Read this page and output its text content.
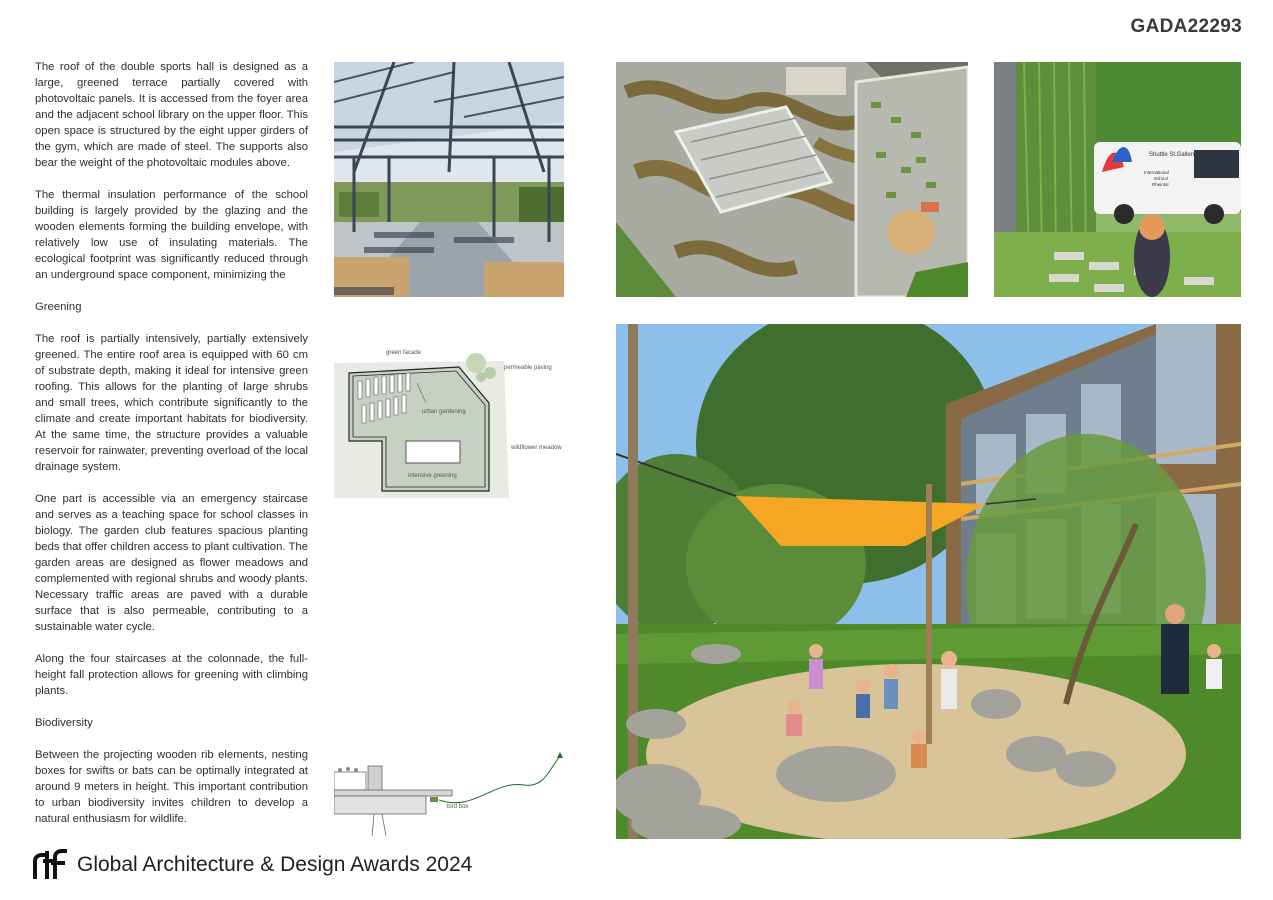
GADA22293

The roof of the double sports hall is designed as a large, greened terrace partially covered with photovoltaic panels. It is accessed from the foyer area and the adjacent school library on the upper floor. This open space is structured by the eight upper girders of the gym, which are made of steel. The supports also bear the weight of the photovoltaic modules above.

The thermal insulation performance of the school building is largely provided by the glazing and the wooden elements forming the building envelope, with relatively low use of insulating materials. The ecological footprint was significantly reduced through an underground space component, minimizing the

Greening

The roof is partially intensively, partially extensively greened. The entire roof area is equipped with 60 cm of substrate depth, making it ideal for intensive green roofing. This allows for the planting of large shrubs and small trees, which contribute significantly to the climate and create important habitats for biodiversity. At the same time, the structure provides a valuable reservoir for rainwater, preventing overload of the local drainage system.

One part is accessible via an emergency staircase and serves as a teaching space for school classes in biology. The garden club features spacious planting beds that offer children access to plant cultivation. The garden areas are designed as flower meadows and complemented with regional shrubs and woody plants. Necessary traffic areas are paved with a durable surface that is also permeable, contributing to a sustainable water cycle.

Along the four staircases at the colonnade, the full-height fall protection allows for greening with climbing plants.

Biodiversity

Between the projecting wooden rib elements, nesting boxes for swifts or bats can be optimally integrated at around 9 meters in height. This important contribution to urban biodiversity invites children to develop a natural enthusiasm for wildlife.

Shuttle St.Gallen - Buchs
International
School
Rheintal
green facade
permeable paving
urban gardening
wildflower meadow
intensive greening
bird box
Global Architecture & Design Awards 2024
